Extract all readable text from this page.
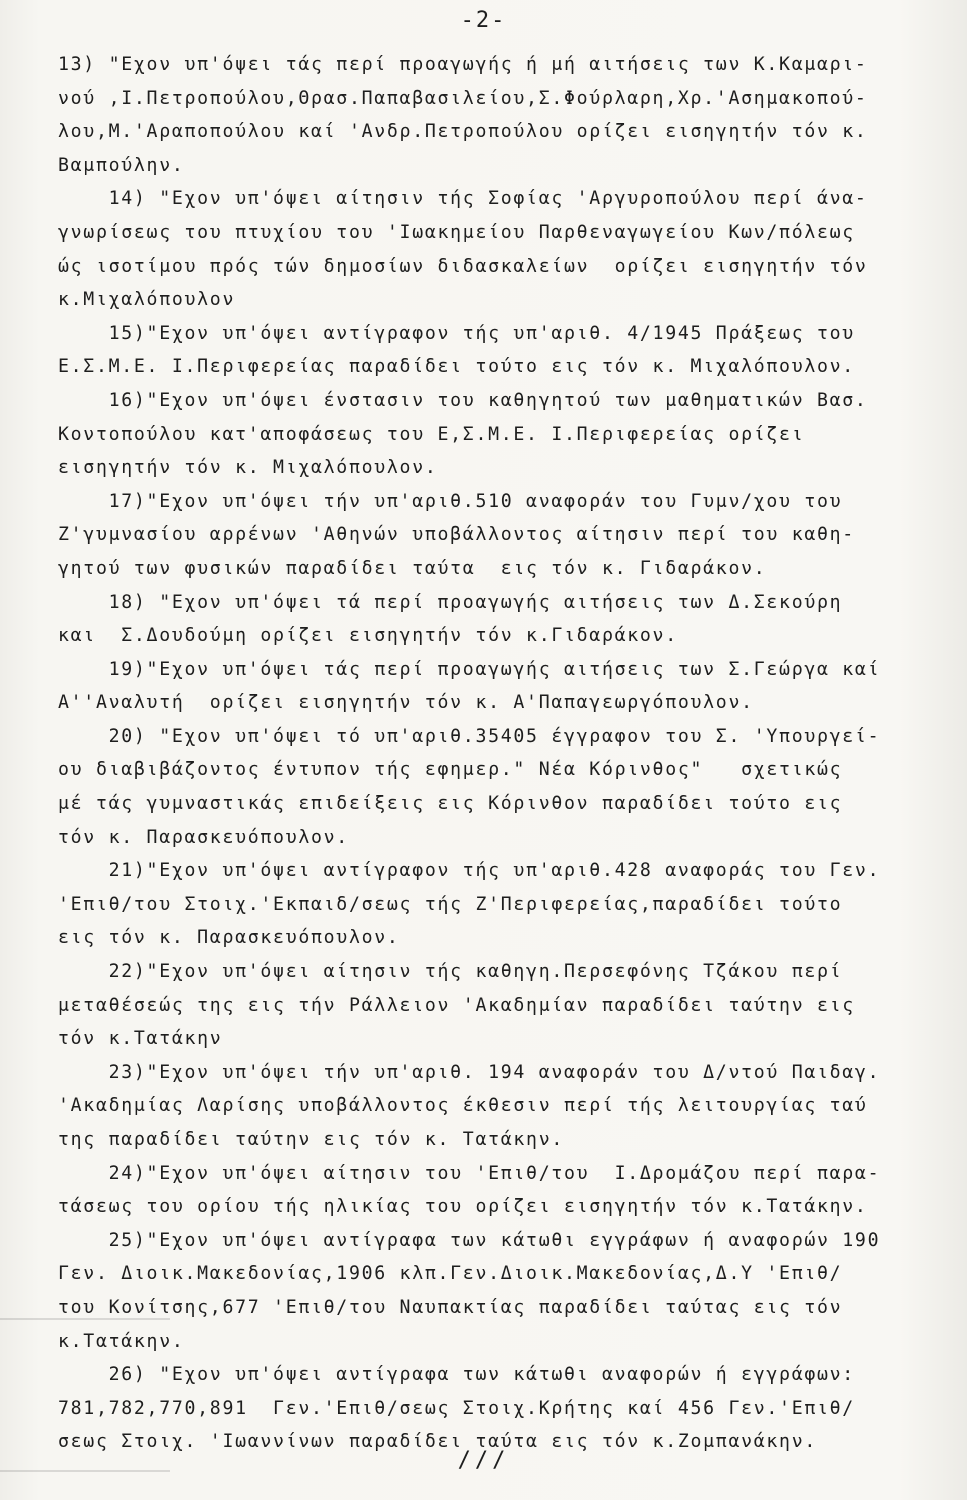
-2-
13) "Εχον υπ'όψει τάς περί προαγωγής ή μή αιτήσεις των Κ.Καμαρι-
νού ,Ι.Πετροπούλου,Θρασ.Παπαβασιλείου,Σ.Φούρλαρη,Χρ.'Ασημακοπού-
λου,Μ.'Αραποπούλου καί 'Ανδρ.Πετροπούλου ορίζει εισηγητήν τόν κ.
Βαμπούλην.
14) "Εχον υπ'όψει αίτησιν τής Σοφίας 'Αργυροπούλου περί άνα-
γνωρίσεως του πτυχίου του 'Ιωακημείου Παρθεναγωγείου Κων/πόλεως
ώς ισοτίμου πρός τών δημοσίων διδασκαλείων  ορίζει εισηγητήν τόν
κ.Μιχαλόπουλον
15)"Εχον υπ'όψει αντίγραφον τής υπ'αριθ. 4/1945 Πράξεως του
Ε.Σ.Μ.Ε. Ι.Περιφερείας παραδίδει τούτο εις τόν κ. Μιχαλόπουλον.
16)"Εχον υπ'όψει ένστασιν του καθηγητού των μαθηματικών Βασ.
Κοντοπούλου κατ'αποφάσεως του Ε,Σ.Μ.Ε. Ι.Περιφερείας ορίζει
εισηγητήν τόν κ. Μιχαλόπουλον.
17)"Εχον υπ'όψει τήν υπ'αριθ.510 αναφοράν του Γυμν/χου του
Ζ'γυμνασίου αρρένων 'Αθηνών υποβάλλοντος αίτησιν περί του καθη-
γητού των φυσικών παραδίδει ταύτα  εις τόν κ. Γιδαράκον.
18) "Εχον υπ'όψει τά περί προαγωγής αιτήσεις των Δ.Σεκούρη
και  Σ.Δουδούμη ορίζει εισηγητήν τόν κ.Γιδαράκον.
19)"Εχον υπ'όψει τάς περί προαγωγής αιτήσεις των Σ.Γεώργα καί
Α''Αναλυτή  ορίζει εισηγητήν τόν κ. Α'Παπαγεωργόπουλον.
20) "Εχον υπ'όψει τό υπ'αριθ.35405 έγγραφον του Σ. 'Υπουργεί-
ου διαβιβάζοντος έντυπον τής εφημερ." Νέα Κόρινθος"   σχετικώς
μέ τάς γυμναστικάς επιδείξεις εις Κόρινθον παραδίδει τούτο εις
τόν κ. Παρασκευόπουλον.
21)"Εχον υπ'όψει αντίγραφον τής υπ'αριθ.428 αναφοράς του Γεν.
'Επιθ/του Στοιχ.'Εκπαιδ/σεως τής Ζ'Περιφερείας,παραδίδει τούτο
εις τόν κ. Παρασκευόπουλον.
22)"Εχον υπ'όψει αίτησιν τής καθηγη.Περσεφόνης Τζάκου περί
μεταθέσεώς της εις τήν Ράλλειον 'Ακαδημίαν παραδίδει ταύτην εις
τόν κ.Τατάκην
23)"Εχον υπ'όψει τήν υπ'αριθ. 194 αναφοράν του Δ/ντού Παιδαγ.
'Ακαδημίας Λαρίσης υποβάλλοντος έκθεσιν περί τής λειτουργίας ταύ
της παραδίδει ταύτην εις τόν κ. Τατάκην.
24)"Εχον υπ'όψει αίτησιν του 'Επιθ/του  Ι.Δρομάζου περί παρα-
τάσεως του ορίου τής ηλικίας του ορίζει εισηγητήν τόν κ.Τατάκην.
25)"Εχον υπ'όψει αντίγραφα των κάτωθι εγγράφων ή αναφορών 190
Γεν. Διοικ.Μακεδονίας,1906 κλπ.Γεν.Διοικ.Μακεδονίας,Δ.Υ 'Επιθ/
του Κονίτσης,677 'Επιθ/του Ναυπακτίας παραδίδει ταύτας εις τόν
κ.Τατάκην.
26) "Εχον υπ'όψει αντίγραφα των κάτωθι αναφορών ή εγγράφων:
781,782,770,891  Γεν.'Επιθ/σεως Στοιχ.Κρήτης καί 456 Γεν.'Επιθ/
σεως Στοιχ. 'Ιωαννίνων παραδίδει ταύτα εις τόν κ.Ζομπανάκην.
///
